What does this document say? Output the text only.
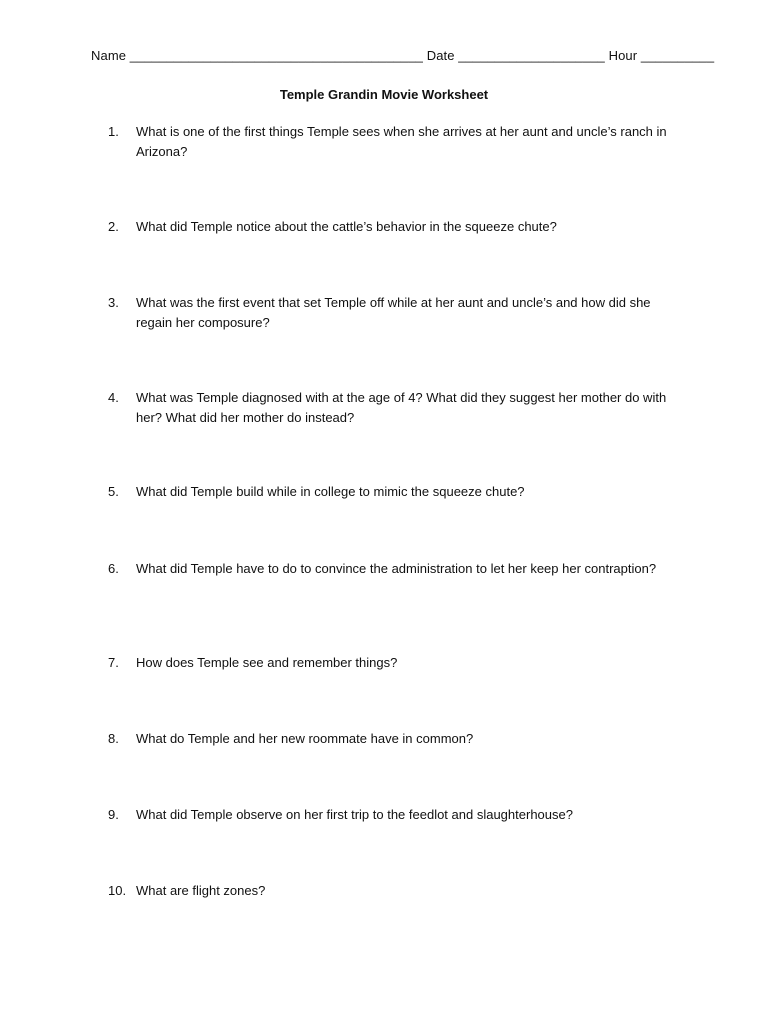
Name ________________________________________ Date ____________________ Hour __________
Temple Grandin Movie Worksheet
1.	What is one of the first things Temple sees when she arrives at her aunt and uncle’s ranch in Arizona?
2.	What did Temple notice about the cattle’s behavior in the squeeze chute?
3.	What was the first event that set Temple off while at her aunt and uncle’s and how did she regain her composure?
4.	What was Temple diagnosed with at the age of 4? What did they suggest her mother do with her? What did her mother do instead?
5.	What did Temple build while in college to mimic the squeeze chute?
6.	What did Temple have to do to convince the administration to let her keep her contraption?
7.	How does Temple see and remember things?
8.	What do Temple and her new roommate have in common?
9.	What did Temple observe on her first trip to the feedlot and slaughterhouse?
10. What are flight zones?
